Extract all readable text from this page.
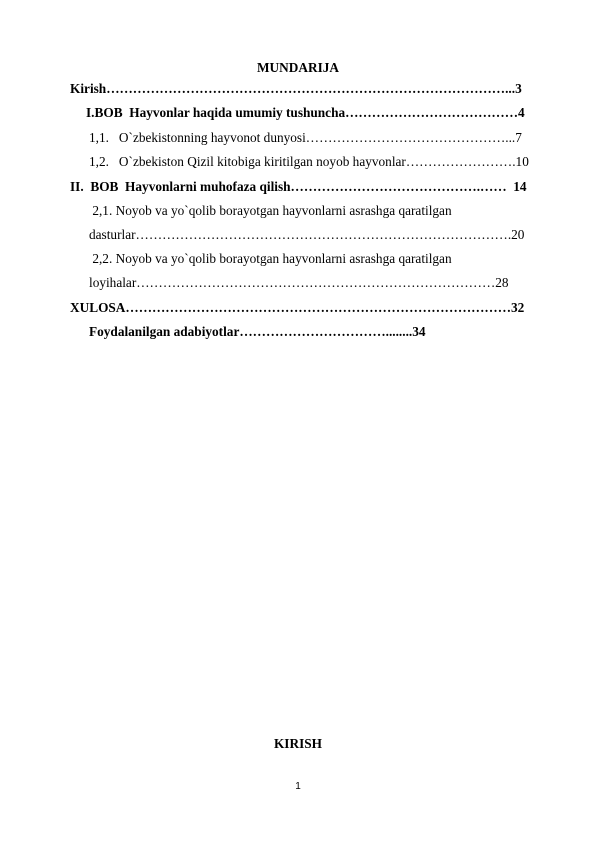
MUNDARIJA
Kirish………………………………………………………………………………...3
I.BOB  Hayvonlar haqida umumiy tushuncha…………………………………4
1,1.   O`zbekistonning hayvonot dunyosi………………………………………...7
1,2.   O`zbekiston Qizil kitobiga kiritilgan noyob hayvonlar…………………….10
II.  BOB  Hayvonlarni muhofaza qilish…………………………………….……  14
2,1. Noyob va yo`qolib borayotgan hayvonlarni asrashga qaratilgan
dasturlar………………………………………………………………………….20
2,2. Noyob va yo`qolib borayotgan hayvonlarni asrashga qaratilgan
loyihalar………………………………………………………………………28
XULOSA……………………………………………………………………………32
Foydalanilgan adabiyotlar……………………………........34
KIRISH
1
